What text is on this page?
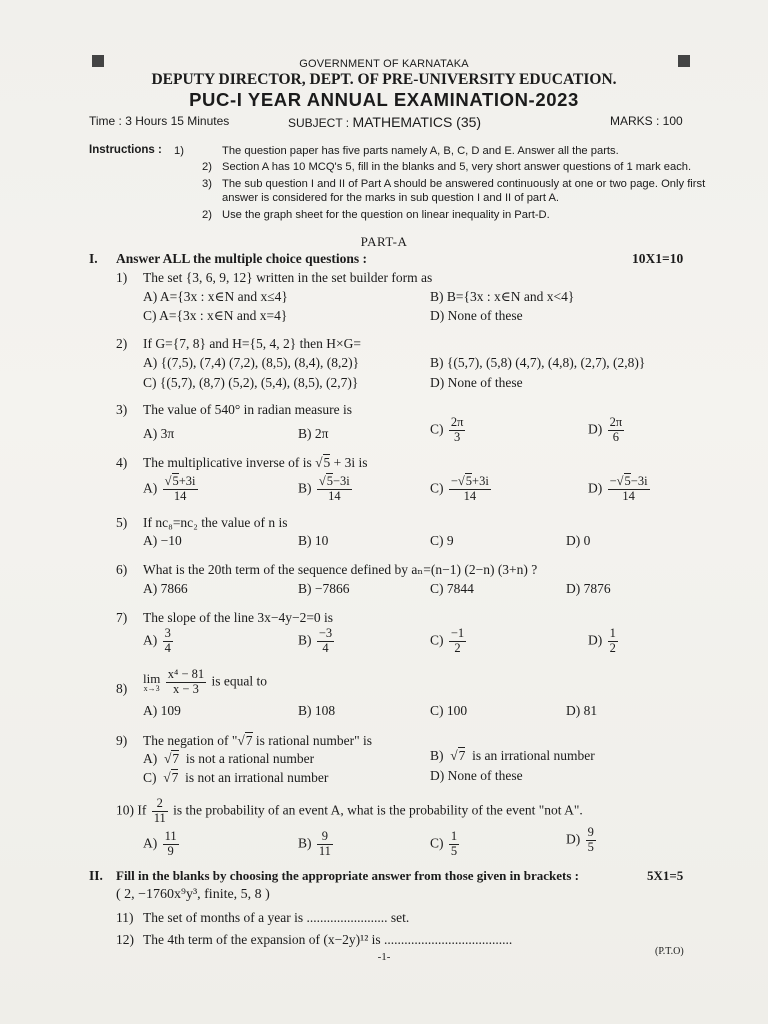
GOVERNMENT OF KARNATAKA
DEPUTY DIRECTOR, DEPT. OF PRE-UNIVERSITY EDUCATION.
PUC-I YEAR ANNUAL EXAMINATION-2023
Time : 3 Hours 15 Minutes	SUBJECT : MATHEMATICS (35)	MARKS : 100
Instructions : 1)	The question paper has five parts namely A, B, C, D and E. Answer all the parts.
2) Section A has 10 MCQ's 5, fill in the blanks and 5, very short answer questions of 1 mark each.
3) The sub question I and II of Part A should be answered continuously at one or two page. Only first
answer is considered for the marks in sub question I and II of part A.
2) Use the graph sheet for the question on linear inequality in Part-D.
PART-A
I. Answer ALL the multiple choice questions :	10X1=10
1) The set {3, 6, 9, 12} written in the set builder form as
A) A={3x : x∈N and x≤4}	B) B={3x : x∈N and x<4}
C) A={3x : x∈N and x=4}	D) None of these
2) If G={7, 8} and H={5, 4, 2} then H×G=
A) {(7,5), (7,4) (7,2), (8,5), (8,4), (8,2)}	B) {(5,7), (5,8) (4,7), (4,8), (2,7), (2,8)}
C) {(5,7), (8,7) (5,2), (5,4), (8,5), (2,7)}	D) None of these
3) The value of 540° in radian measure is
A) 3π	B) 2π	$C) \frac{2\pi}{3}$	$D) \frac{2\pi}{6}$
4) The multiplicative inverse of is √5 + 3i is
$A) \frac{√5+3i}{14}$	$B) \frac{√5-3i}{14}$	$C) \frac{-√5+3i}{14}$	$D) \frac{-√5-3i}{14}$
5) If nc₈=nc₂ the value of n is
A) −10	B) 10	C) 9	D) 0
6) What is the 20th term of the sequence defined by aₙ=(n−1) (2−n) (3+n) ?
A) 7866	B) −7866	C) 7844	D) 7876
7) The slope of the line 3x−4y−2=0 is
$A) \frac{3}{4}$	$B) \frac{-3}{4}$	$C) \frac{-1}{2}$	$D) \frac{1}{2}$
8)
lim
x→3
$\frac{\text{x⁴ − 81}}{x - 3}$ is equal to
A) 109	B) 108	C) 100	D) 81
9) The negation of "√7 is rational number" is
A)  √7 is not a rational number	B)  √7 is an irrational number
C)  √7 is not an irrational number	D) None of these
10) If $\frac{2}{11}$ is the probability of an event A, what is the probability of the event "not A".
$A) \frac{11}{9}$	$B) \frac{9}{11}$	$C) \frac{1}{5}$	$D) \frac{9}{5}$
II. Fill in the blanks by choosing the appropriate answer from those given in brackets :	5X1=5
( 2, −1760x⁹y³, finite, 5, 8 )
11) The set of months of a year is ........................ set.
12) The 4th term of the expansion of (x−2y)¹² is ......................................
-1-	(P.T.O)
